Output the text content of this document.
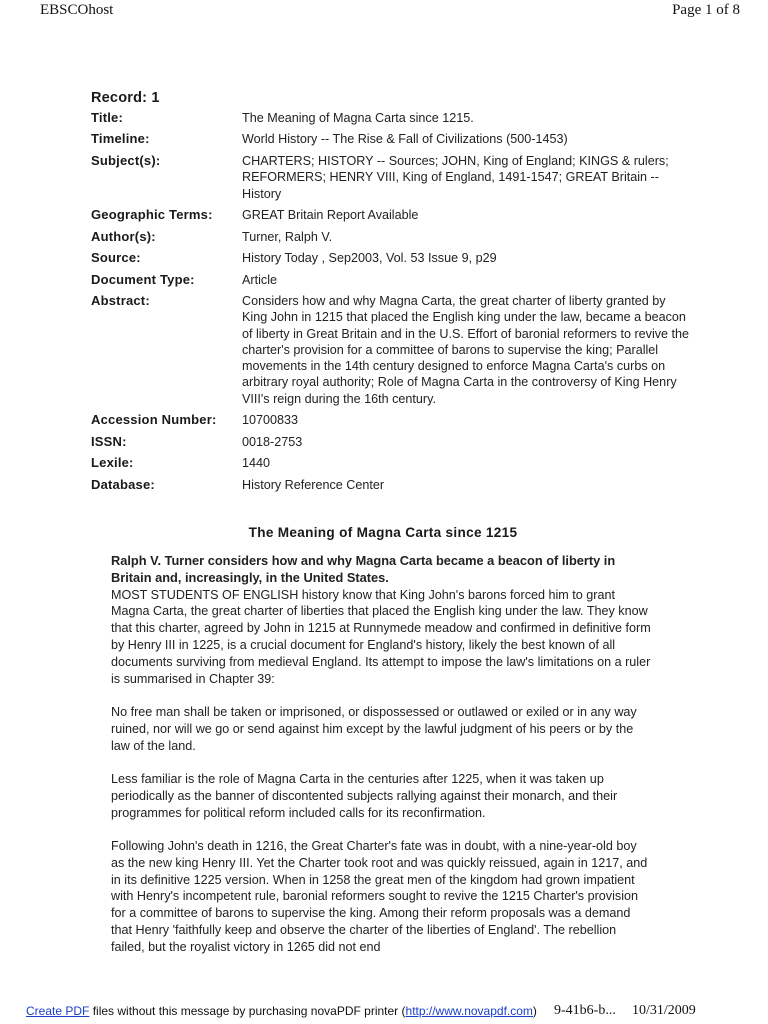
EBSCOhost	Page 1 of 8
Record: 1
Title:	The Meaning of Magna Carta since 1215.
Timeline:	World History -- The Rise & Fall of Civilizations (500-1453)
Subject(s):	CHARTERS; HISTORY -- Sources; JOHN, King of England; KINGS & rulers; REFORMERS; HENRY VIII, King of England, 1491-1547; GREAT Britain -- History
Geographic Terms:	GREAT Britain Report Available
Author(s):	Turner, Ralph V.
Source:	History Today , Sep2003, Vol. 53 Issue 9, p29
Document Type:	Article
Abstract:	Considers how and why Magna Carta, the great charter of liberty granted by King John in 1215 that placed the English king under the law, became a beacon of liberty in Great Britain and in the U.S. Effort of baronial reformers to revive the charter's provision for a committee of barons to supervise the king; Parallel movements in the 14th century designed to enforce Magna Carta's curbs on arbitrary royal authority; Role of Magna Carta in the controversy of King Henry VIII's reign during the 16th century.
Accession Number:	10700833
ISSN:	0018-2753
Lexile:	1440
Database:	History Reference Center
The Meaning of Magna Carta since 1215
Ralph V. Turner considers how and why Magna Carta became a beacon of liberty in Britain and, increasingly, in the United States.

MOST STUDENTS OF ENGLISH history know that King John's barons forced him to grant Magna Carta, the great charter of liberties that placed the English king under the law. They know that this charter, agreed by John in 1215 at Runnymede meadow and confirmed in definitive form by Henry III in 1225, is a crucial document for England's history, likely the best known of all documents surviving from medieval England. Its attempt to impose the law's limitations on a ruler is summarised in Chapter 39:

No free man shall be taken or imprisoned, or dispossessed or outlawed or exiled or in any way ruined, nor will we go or send against him except by the lawful judgment of his peers or by the law of the land.

Less familiar is the role of Magna Carta in the centuries after 1225, when it was taken up periodically as the banner of discontented subjects rallying against their monarch, and their programmes for political reform included calls for its reconfirmation.

Following John's death in 1216, the Great Charter's fate was in doubt, with a nine-year-old boy as the new king Henry III. Yet the Charter took root and was quickly reissued, again in 1217, and in its definitive 1225 version. When in 1258 the great men of the kingdom had grown impatient with Henry's incompetent rule, baronial reformers sought to revive the 1215 Charter's provision for a committee of barons to supervise the king. Among their reform proposals was a demand that Henry 'faithfully keep and observe the charter of the liberties of England'. The rebellion failed, but the royalist victory in 1265 did not end

Create PDF files without this message by purchasing novaPDF printer (http://www.novapdf.com) 9-41b6-b... 10/31/2009
